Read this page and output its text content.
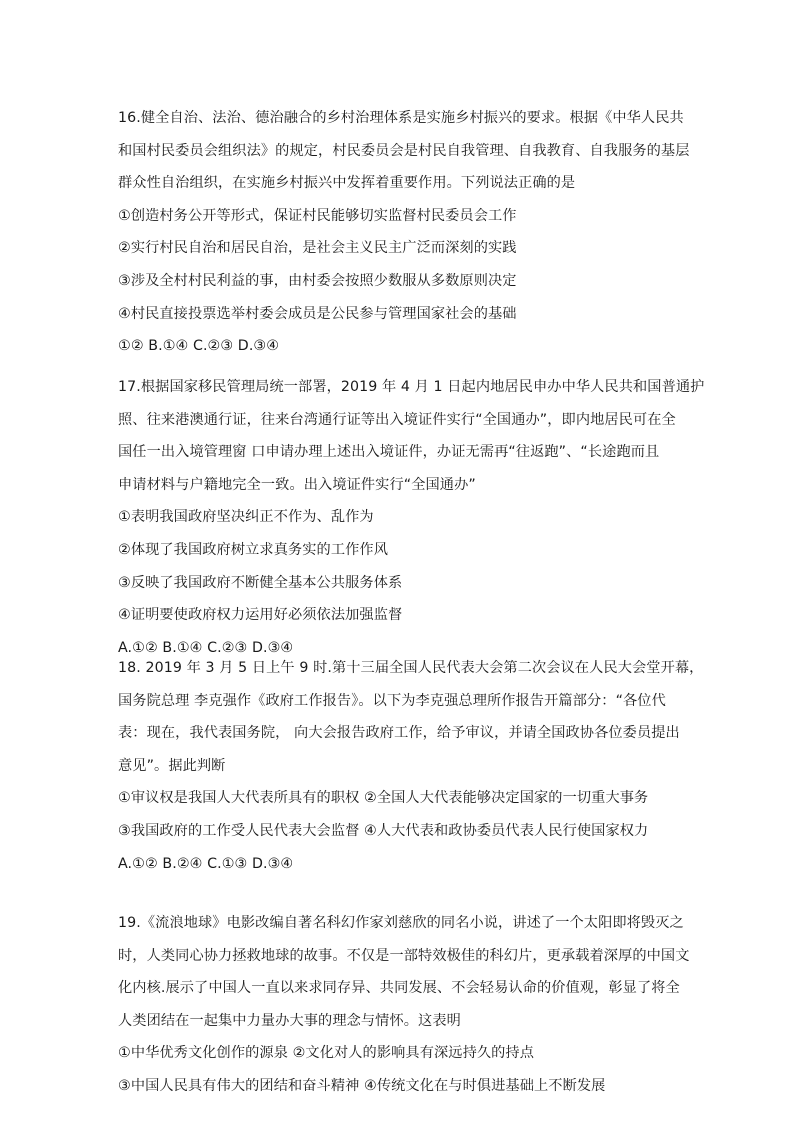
16.健全自治、法治、德治融合的乡村治理体系是实施乡村振兴的要求。根据《中华人民共
和国村民委员会组织法》的规定，村民委员会是村民自我管理、自我教育、自我服务的基层
群众性自治组织，在实施乡村振兴中发挥着重要作用。下列说法正确的是
①创造村务公开等形式，保证村民能够切实监督村民委员会工作
②实行村民自治和居民自治，是社会主义民主广泛而深刻的实践
③涉及全村村民利益的事，由村委会按照少数服从多数原则决定
④村民直接投票选举村委会成员是公民参与管理国家社会的基础
①② B.①④ C.②③ D.③④
17.根据国家移民管理局统一部署，2019 年 4 月 1 日起内地居民申办中华人民共和国普通护
照、往来港澳通行证，往来台湾通行证等出入境证件实行“全国通办”，即内地居民可在全
国任一出入境管理窗 口申请办理上述出入境证件，办证无需再“往返跑”、“长途跑而且
申请材料与户籍地完全一致。出入境证件实行“全国通办”
①表明我国政府坚决纠正不作为、乱作为
②体现了我国政府树立求真务实的工作作风
③反映了我国政府不断健全基本公共服务体系
④证明要使政府权力运用好必须依法加强监督
A.①② B.①④ C.②③ D.③④
18. 2019 年 3 月 5 日上午 9 时.第十三届全国人民代表大会第二次会议在人民大会堂开幕，
国务院总理 李克强作《政府工作报告》。以下为李克强总理所作报告开篇部分：“各位代
表：现在，我代表国务院， 向大会报告政府工作，给予审议，并请全国政协各位委员提出
意见”。据此判断
①审议权是我国人大代表所具有的职权 ②全国人大代表能够决定国家的一切重大事务
③我国政府的工作受人民代表大会监督 ④人大代表和政协委员代表人民行使国家权力
A.①② B.②④ C.①③ D.③④
19.《流浪地球》电影改编自著名科幻作家刘慈欣的同名小说，讲述了一个太阳即将毁灭之
时，人类同心协力拯救地球的故事。不仅是一部特效极佳的科幻片，更承载着深厚的中国文
化内核.展示了中国人一直以来求同存异、共同发展、不会轻易认命的价值观，彰显了将全
人类团结在一起集中力量办大事的理念与情怀。这表明
①中华优秀文化创作的源泉 ②文化对人的影响具有深远持久的持点
③中国人民具有伟大的团结和奋斗精神 ④传统文化在与时俱进基础上不断发展
